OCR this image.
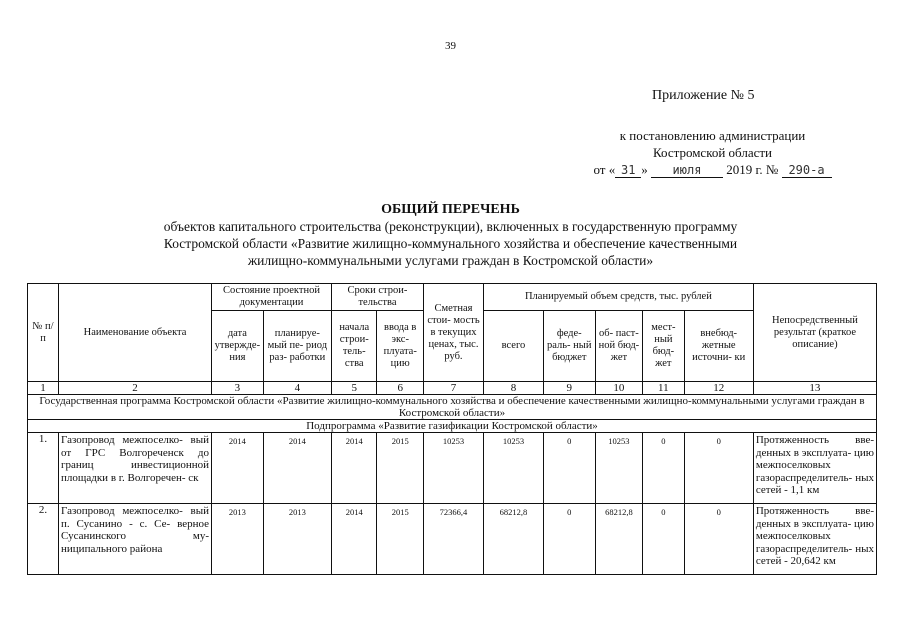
39
Приложение № 5
к постановлению администрации
Костромской области
от « 31 » июля 2019 г. № 290-а
ОБЩИЙ ПЕРЕЧЕНЬ
объектов капитального строительства (реконструкции), включенных в государственную программу
Костромской области «Развитие жилищно-коммунального хозяйства и обеспечение качественными
жилищно-коммунальными услугами граждан в Костромской области»
№ п/п	Наименование объекта	Состояние проектной документации		Сроки строи- тельства		Сметная стои- мость в текущих ценах, тыс. руб.	Планируемый объем средств, тыс. рублей					Непосредственный результат (краткое описание)
		дата утвержде- ния	планируе- мый пе- риод раз- работки	начала строи- тель- ства	ввода в экс- плуата- цию		всего	феде- раль- ный бюджет	об- паст- ной бюд- жет	мест- ный бюд- жет	внебюд- жетные источни- ки	
1	2	3	4	5	6	7	8	9	10	11	12	13
Государственная программа Костромской области «Развитие жилищно-коммунального хозяйства и обеспечение качественными жилищно-коммунальными услугами граждан в Костромской области»												
Подпрограмма «Развитие газификации Костромской области»												
1.	Газопровод межпоселко- вый от ГРС Волгореченск до границ инвестиционной площадки в г. Волгоречен- ск	2014	2014	2014	2015	10253	10253	0	10253	0	0	Протяженность вве- денных в эксплуата- цию межпоселковых газораспределитель- ных сетей - 1,1 км
2.	Газопровод межпоселко- вый п. Сусанино - с. Се- верное Сусанинского му- ниципального района	2013	2013	2014	2015	72366,4	68212,8	0	68212,8	0	0	Протяженность вве- денных в эксплуата- цию межпоселковых газораспределитель- ных сетей - 20,642 км
